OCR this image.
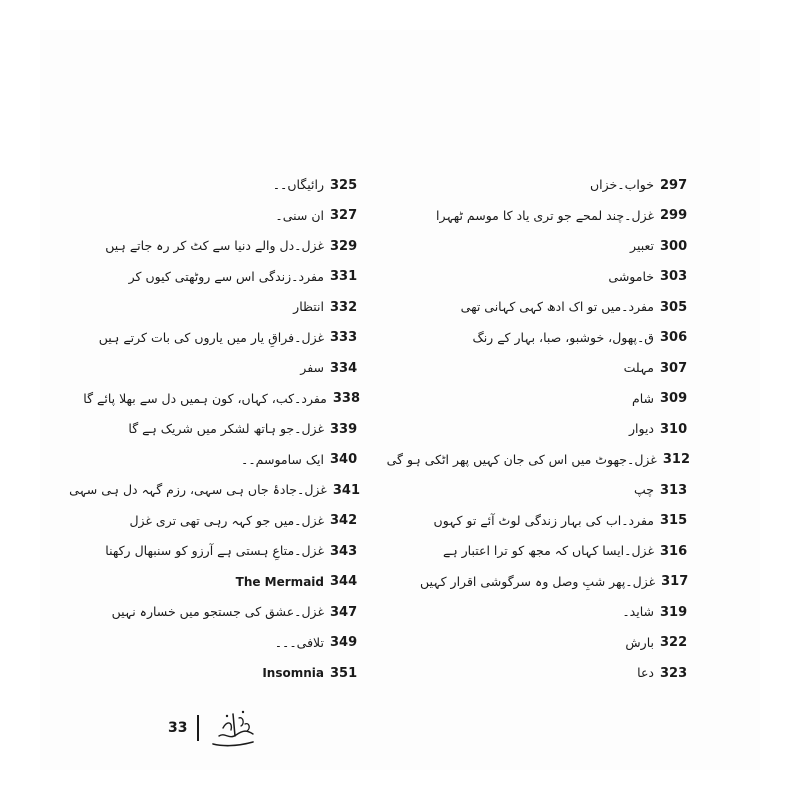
خواب۔خزاں 297
غزل۔چند لمحے جو تری یاد کا موسم ٹھہرا 299
تعبیر 300
خاموشی 303
مفرد۔میں تو اک ادھ کہی کہانی تھی 305
ق۔پھول، خوشبو، صبا، بہار کے رنگ 306
مہلت 307
شام 309
دیوار 310
غزل۔جھوٹ میں اس کی جان کہیں پھر اٹکی ہو گی 312
چپ 313
مفرد۔اب کی بہار زندگی لوٹ آئے تو کہوں 315
غزل۔ایسا کہاں کہ مجھ کو ترا اعتبار ہے 316
غزل۔پھر شبِ وصل وہ سرگوشی اقرار کہیں 317
شاید۔ 319
بارش 322
دعا 323
رائیگاں۔۔ 325
ان سنی۔ 327
غزل۔دل والے دنیا سے کٹ کر رہ جاتے ہیں 329
مفرد۔زندگی اس سے روٹھتی کیوں کر 331
انتظار 332
غزل۔فراقِ یار میں یاروں کی بات کرتے ہیں 333
سفر 334
مفرد۔کب، کہاں، کون ہمیں دل سے بھلا پائے گا 338
غزل۔جو ہاتھ لشکر میں شریک ہے گا 339
ایک ساموسم۔۔ 340
غزل۔جادۂ جاں ہی سہی، رزم گہہ دل ہی سہی 341
غزل۔میں جو کہہ رہی تھی تری غزل 342
غزل۔متاعِ ہستی ہے آرزو کو سنبھال رکھنا 343
The Mermaid 344
غزل۔عشق کی جستجو میں خسارہ نہیں 347
تلافی۔۔۔ 349
Insomnia 351
33
